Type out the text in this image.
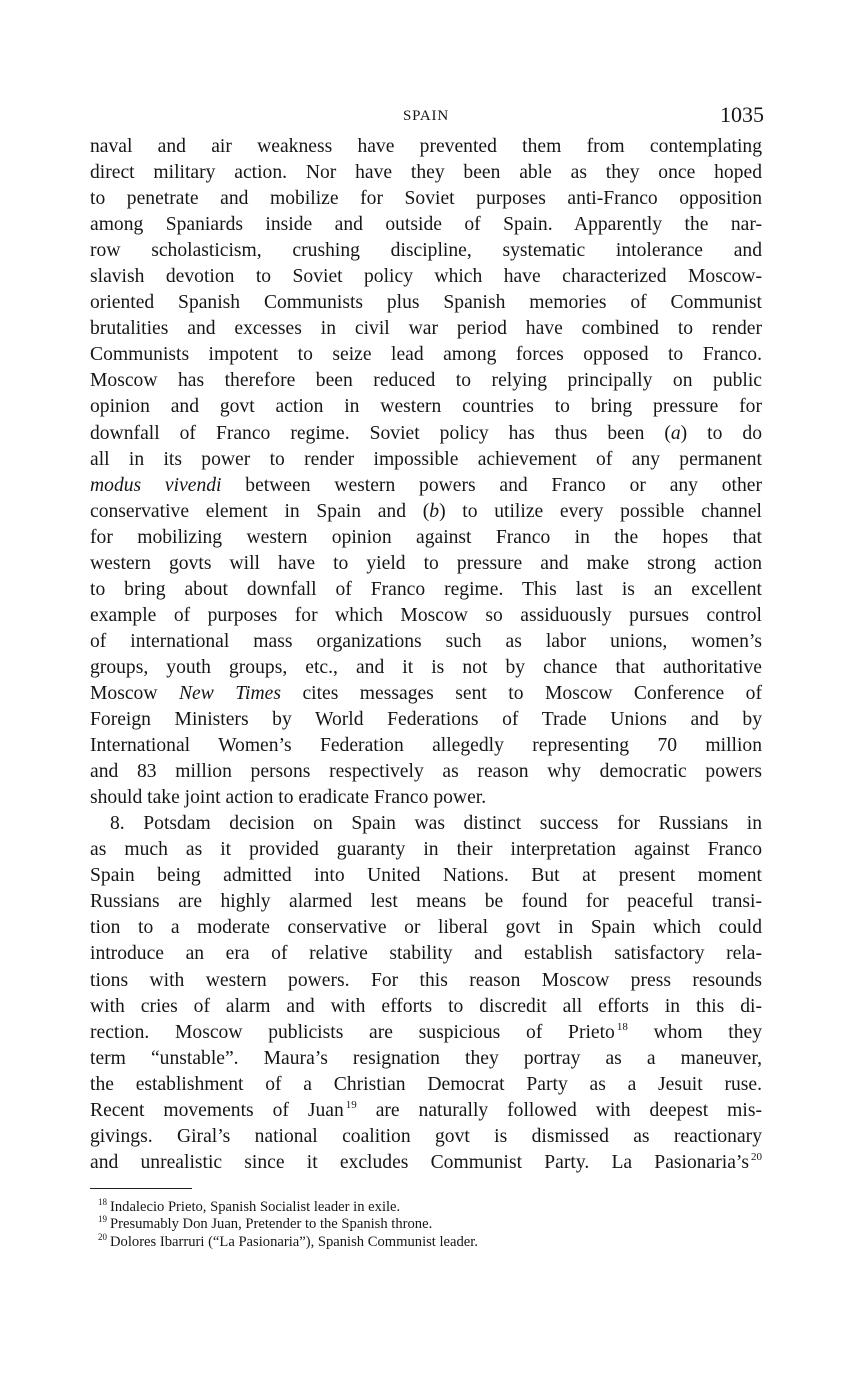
SPAIN	1035

naval and air weakness have prevented them from contemplating

direct military action. Nor have they been able as they once hoped

to penetrate and mobilize for Soviet purposes anti-Franco opposition

among Spaniards inside and outside of Spain. Apparently the nar-

row scholasticism, crushing discipline, systematic intolerance and

slavish devotion to Soviet policy which have characterized Moscow-

oriented Spanish Communists plus Spanish memories of Communist

brutalities and excesses in civil war period have combined to render

Communists impotent to seize lead among forces opposed to Franco.

Moscow has therefore been reduced to relying principally on public

opinion and govt action in western countries to bring pressure for

downfall of Franco regime. Soviet policy has thus been (a) to do

all in its power to render impossible achievement of any permanent

modus vivendi between western powers and Franco or any other

conservative element in Spain and (b) to utilize every possible channel

for mobilizing western opinion against Franco in the hopes that

western govts will have to yield to pressure and make strong action

to bring about downfall of Franco regime. This last is an excellent

example of purposes for which Moscow so assiduously pursues control

of international mass organizations such as labor unions, women’s

groups, youth groups, etc., and it is not by chance that authoritative

Moscow New Times cites messages sent to Moscow Conference of

Foreign Ministers by World Federations of Trade Unions and by

International Women’s Federation allegedly representing 70 million

and 83 million persons respectively as reason why democratic powers

should take joint action to eradicate Franco power.

8. Potsdam decision on Spain was distinct success for Russians in

as much as it provided guaranty in their interpretation against Franco

Spain being admitted into United Nations. But at present moment

Russians are highly alarmed lest means be found for peaceful transi-

tion to a moderate conservative or liberal govt in Spain which could

introduce an era of relative stability and establish satisfactory rela-

tions with western powers. For this reason Moscow press resounds

with cries of alarm and with efforts to discredit all efforts in this di-

rection. Moscow publicists are suspicious of Prieto $^{18}$ whom they

term “unstable”. Maura’s resignation they portray as a maneuver,

the establishment of a Christian Democrat Party as a Jesuit ruse.

Recent movements of Juan $^{19}$ are naturally followed with deepest mis-

givings. Giral’s national coalition govt is dismissed as reactionary

and unrealistic since it excludes Communist Party. La Pasionaria’s $^{20}$

$^{18}$ Indalecio Prieto, Spanish Socialist leader in exile.

$^{19}$ Presumably Don Juan, Pretender to the Spanish throne.

$^{20}$ Dolores Ibarruri (“La Pasionaria”), Spanish Communist leader.
